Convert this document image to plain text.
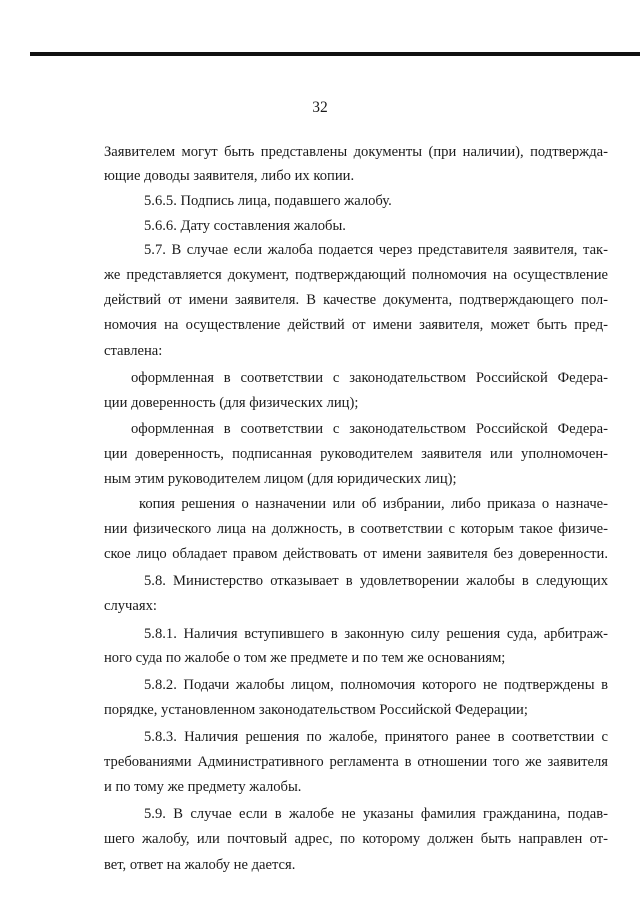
32
Заявителем могут быть представлены документы (при наличии), подтвержда-
ющие доводы заявителя, либо их копии.
5.6.5. Подпись лица, подавшего жалобу.
5.6.6. Дату составления жалобы.
5.7. В случае если жалоба подается через представителя заявителя, так-
же представляется документ, подтверждающий полномочия на осуществление
действий от имени заявителя. В качестве документа, подтверждающего пол-
номочия на осуществление действий от имени заявителя, может быть пред-
ставлена:
оформленная в соответствии с законодательством Российской Федера-
ции доверенность (для физических лиц);
оформленная в соответствии с законодательством Российской Федера-
ции доверенность, подписанная руководителем заявителя или уполномочен-
ным этим руководителем лицом (для юридических лиц);
копия решения о назначении или об избрании, либо приказа о назначе-
нии физического лица на должность, в соответствии с которым такое физиче-
ское лицо обладает правом действовать от имени заявителя без доверенности.
5.8. Министерство отказывает в удовлетворении жалобы в следующих
случаях:
5.8.1. Наличия вступившего в законную силу решения суда, арбитраж-
ного суда по жалобе о том же предмете и по тем же основаниям;
5.8.2. Подачи жалобы лицом, полномочия которого не подтверждены в
порядке, установленном законодательством Российской Федерации;
5.8.3. Наличия решения по жалобе, принятого ранее в соответствии с
требованиями Административного регламента в отношении того же заявителя
и по тому же предмету жалобы.
5.9. В случае если в жалобе не указаны фамилия гражданина, подав-
шего жалобу, или почтовый адрес, по которому должен быть направлен от-
вет, ответ на жалобу не дается.
